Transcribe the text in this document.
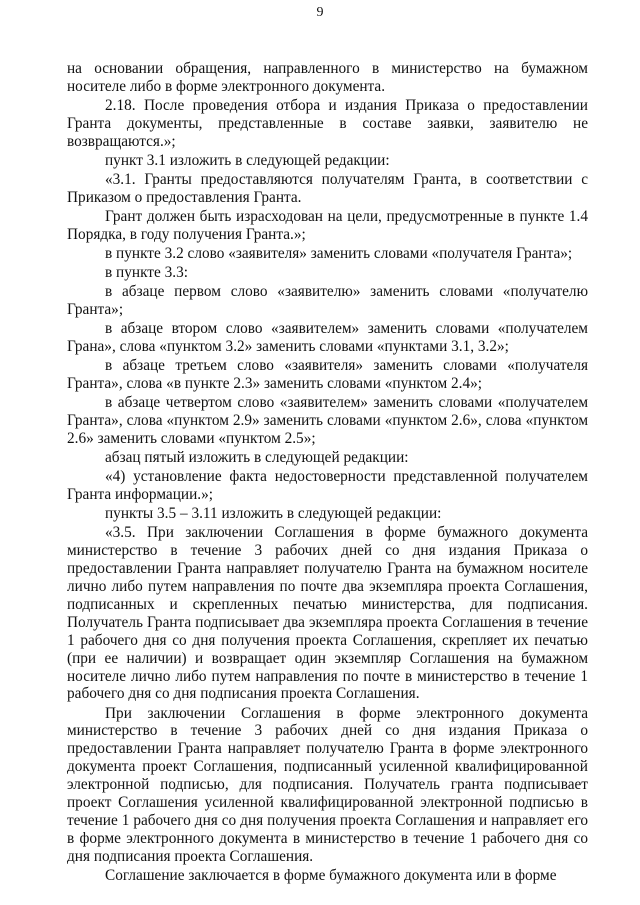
9

на основании обращения, направленного в министерство на бумажном носителе либо в форме электронного документа.

2.18. После проведения отбора и издания Приказа о предоставлении Гранта документы, представленные в составе заявки, заявителю не возвращаются.»;

пункт 3.1 изложить в следующей редакции:

«3.1. Гранты предоставляются получателям Гранта, в соответствии с Приказом о предоставления Гранта.

Грант должен быть израсходован на цели, предусмотренные в пункте 1.4 Порядка, в году получения Гранта.»;

в пункте 3.2 слово «заявителя» заменить словами «получателя Гранта»;

в пункте 3.3:

в абзаце первом слово «заявителю» заменить словами «получателю Гранта»;

в абзаце втором слово «заявителем» заменить словами «получателем Грана», слова «пунктом 3.2» заменить словами «пунктами 3.1, 3.2»;

в абзаце третьем слово «заявителя» заменить словами «получателя Гранта», слова «в пункте 2.3» заменить словами «пунктом 2.4»;

в абзаце четвертом слово «заявителем» заменить словами «получателем Гранта», слова «пунктом 2.9» заменить словами «пунктом 2.6», слова «пунктом 2.6» заменить словами «пунктом 2.5»;

абзац пятый изложить в следующей редакции:

«4) установление факта недостоверности представленной получателем Гранта информации.»;

пункты 3.5 – 3.11 изложить в следующей редакции:

«3.5. При заключении Соглашения в форме бумажного документа министерство в течение 3 рабочих дней со дня издания Приказа о предоставлении Гранта направляет получателю Гранта на бумажном носителе лично либо путем направления по почте два экземпляра проекта Соглашения, подписанных и скрепленных печатью министерства, для подписания. Получатель Гранта подписывает два экземпляра проекта Соглашения в течение 1 рабочего дня со дня получения проекта Соглашения, скрепляет их печатью (при ее наличии) и возвращает один экземпляр Соглашения на бумажном носителе лично либо путем направления по почте в министерство в течение 1 рабочего дня со дня подписания проекта Соглашения.

При заключении Соглашения в форме электронного документа министерство в течение 3 рабочих дней со дня издания Приказа о предоставлении Гранта направляет получателю Гранта в форме электронного документа проект Соглашения, подписанный усиленной квалифицированной электронной подписью, для подписания. Получатель гранта подписывает проект Соглашения усиленной квалифицированной электронной подписью в течение 1 рабочего дня со дня получения проекта Соглашения и направляет его в форме электронного документа в министерство в течение 1 рабочего дня со дня подписания проекта Соглашения.

Соглашение заключается в форме бумажного документа или в форме
